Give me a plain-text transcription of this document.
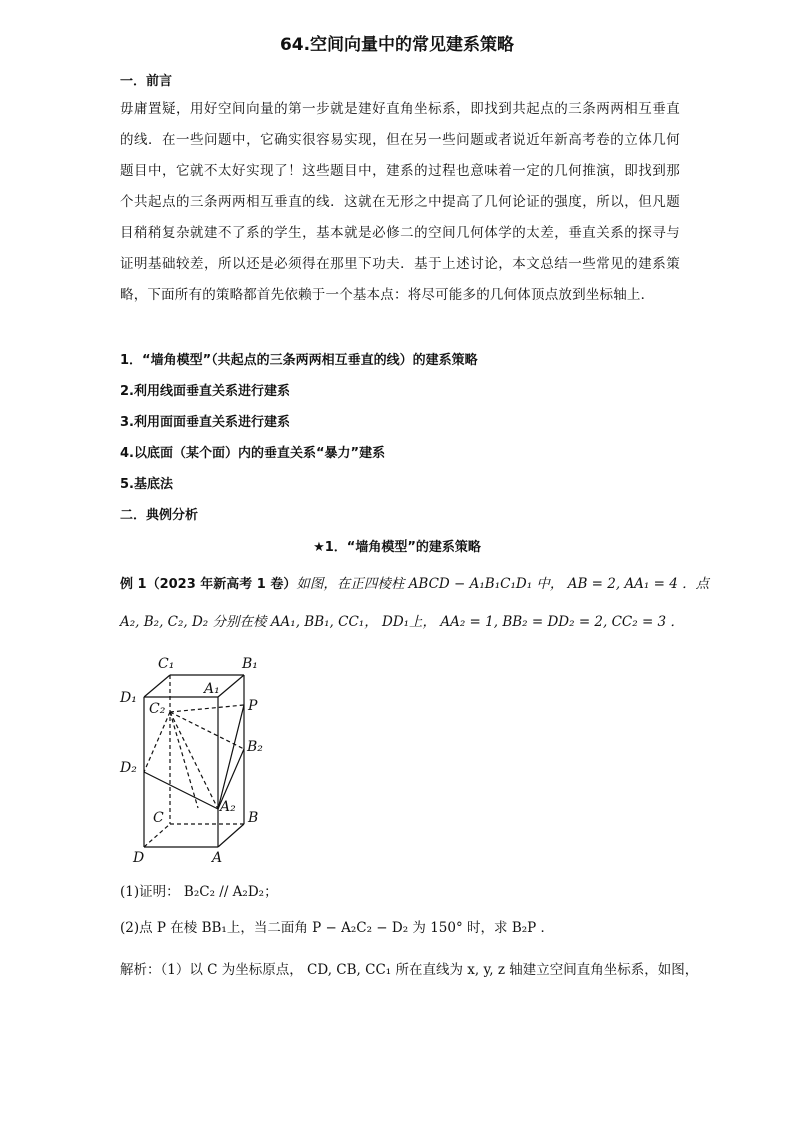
64.空间向量中的常见建系策略
一．前言
毋庸置疑，用好空间向量的第一步就是建好直角坐标系，即找到共起点的三条两两相互垂直的线．在一些问题中，它确实很容易实现，但在另一些问题或者说近年新高考卷的立体几何题目中，它就不太好实现了！这些题目中，建系的过程也意味着一定的几何推演，即找到那个共起点的三条两两相互垂直的线．这就在无形之中提高了几何论证的强度，所以，但凡题目稍稍复杂就建不了系的学生，基本就是必修二的空间几何体学的太差，垂直关系的探寻与证明基础较差，所以还是必须得在那里下功夫．基于上述讨论，本文总结一些常见的建系策略，下面所有的策略都首先依赖于一个基本点：将尽可能多的几何体顶点放到坐标轴上．
1．“墙角模型”（共起点的三条两两相互垂直的线）的建系策略
2.利用线面垂直关系进行建系
3.利用面面垂直关系进行建系
4.以底面（某个面）内的垂直关系“暴力”建系
5.基底法
二．典例分析
★1．“墙角模型”的建系策略
例 1（2023 年新高考 1 卷）如图，在正四棱柱 ABCD − A₁B₁C₁D₁ 中， AB = 2, AA₁ = 4 ．点
A₂, B₂, C₂, D₂ 分别在棱 AA₁, BB₁, CC₁， DD₁上， AA₂ = 1, BB₂ = DD₂ = 2, CC₂ = 3 ．
C₁	B₁
A₁
D₁
C₂	P
B₂
D₂
A₂
C	B
D	A
(1)证明： B₂C₂ // A₂D₂；
(2)点 P 在棱 BB₁上，当二面角 P − A₂C₂ − D₂ 为 150° 时，求 B₂P ．
解析：（1）以 C 为坐标原点， CD, CB, CC₁ 所在直线为 x, y, z 轴建立空间直角坐标系，如图，
